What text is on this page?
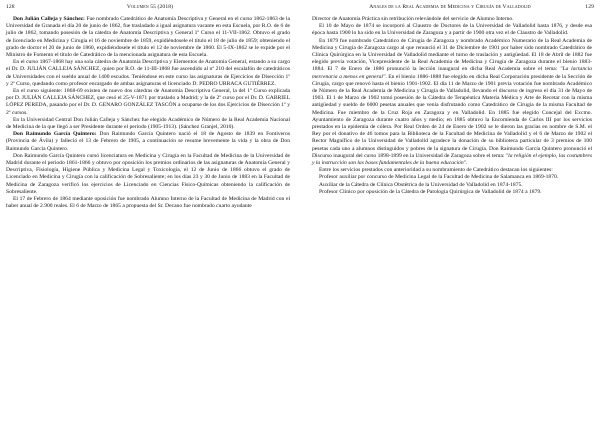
128	Volumen 55 (2018)

Don Julián Calleja y Sánchez: Fue nombrado Catedrático de Anatomía Descriptiva y General en el curso 1862-1863 de la Universidad de Granada el día 20 de junio de 1862, fue trasladado a igual asignatura vacante en esta Escuela, por R.O. de 6 de julio de 1862, tomando posesión de la cátedra de Anatomía Descriptiva y General 1º Curso el 11-VII-1862. Obtuvo el grado de licenciado en Medicina y Cirugía el 16 de noviembre de 1859, expidiéndosele el título el 18 de julio de 1859; obteniendo el grado de doctor el 20 de junio de 1860, expidiéndosele el título el 12 de noviembre de 1860. El 5-IX-1862 se le expide por el Ministro de Fomento el título de Catedrático de la mencionada asignatura de esta Escuela.

En el curso 1867-1868 hay una sola cátedra de Anatomía Descriptiva y Elementos de Anatomía General, estando a su cargo el Dr. D. JULIÁN CALLEJA SÁNCHEZ, quien por R.O. de 11-III-1868 fue ascendido al nº 210 del escalafón de catedráticos de Universidades con el sueldo anual de 1400 escudos. Teniéndose en este curso las asignaturas de Ejercicios de Disección 1º y 2º Curso, quedando como profesor encargado de ambas asignaturas el licenciado D. PEDRO URRACA GUTIÉRREZ.

En el curso siguiente: 1868-69 existen de nuevo dos cátedras de Anatomía Descriptiva General, la del 1º Curso explicada por D. JULIÁN CALLEJA SÁNCHEZ, que cesó el 25-V-1871 por traslado a Madrid; y la de 2º curso por el Dr. D. GABRIEL LÓPEZ PEREDA, pasando por el Dr. D. GENARO GONZÁLEZ TASCÓN a ocuparse de los dos Ejercicios de Disección 1º y 2º cursos.

En la Universidad Central Don Julián Calleja y Sánchez fue elegido Académico de Número de la Real Academia Nacional de Medicina de la que llegó a ser Presidente durante el periodo (1905-1913). (Sánchez Granjel, 2010).

Don Raimundo García Quintero: Don Raimundo García Quintero nació el 18 de Agosto de 1839 en Fontiveros (Provincia de Ávila) y falleció el 13 de Febrero de 1905, a continuación se resume brevemente la vida y la obra de Don Raimundo García Quintero.

Don Raimundo García Quintero cursó licenciatura en Medicina y Cirugía en la Facultad de Medicina de la Universidad de Madrid durante el periodo 1861-1866 y obtuvo por oposición los premios ordinarios de las asignaturas de Anatomía General y Descriptiva, Fisiología, Higiene Pública y Medicina Legal y Toxicología, el 12 de Junio de 1866 obtuvo el grado de Licenciado en Medicina y Cirugía con la calificación de Sobresaliente; en los días 23 y 30 de Junio de 1883 en la Facultad de Medicina de Zaragoza verificó los ejercicios de Licenciado en Ciencias Físico-Químicas obteniendo la calificación de Sobresaliente.

El 17 de Febrero de 1864 mediante oposición fue nombrado Alumno Interno de la Facultad de Medicina de Madrid con el haber anual de 2.900 reales. El 6 de Marzo de 1865 a propuesta del Sr. Decano fue nombrado cuarto ayudante

Anales de la Real Academia de Medicina y Cirugía de Valladolid	129

Director de Anatomía Práctica sin retribución relevándole del servicio de Alumno Interno.

El 10 de Mayo de 1874 se incorporó al Claustro de Doctores de la Universidad de Valladolid hasta 1876, y desde esa época hasta 1900 lo ha sido en la Universidad de Zaragoza y a partir de 1900 otra vez el de Claustro de Valladolid.

En 1879 fue nombrado Catedrático de Cirugía de Zaragoza y nombrado Académico Numerario de la Real Academia de Medicina y Cirugía de Zaragoza cargo al que renunció el 31 de Diciembre de 1901 por haber sido nombrado Catedrático de Clínica Quirúrgica en la Universidad de Valladolid mediante el turno de traslación y antigüedad. El 18 de Abril de 1882 fue elegido previa votación, Vicepresidente de la Real Academia de Medicina y Cirugía de Zaragoza durante el bienio 1883-1884. El 7 de Enero de 1886 pronunció la lección inaugural en dicha Real Academia sobre el tema: "La lactancia mercenaria a menos en general". En el bienio 1886-1888 fue elegido en dicha Real Corporación presidente de la Sección de Cirugía, cargo que renovó hasta el bienio 1901-1902. El día 11 de Marzo de 1901 previa votación fue nombrado Académico de Número de la Real Academia de Medicina y Cirugía de Valladolid, llevando el discurso de ingreso el día 31 de Mayo de 1903. El 1 de Marzo de 1902 tomó posesión de la Cátedra de Terapéutica Materia Médica y Arte de Recetar con la misma antigüedad y sueldo de 6000 pesetas anuales que venía disfrutando como Catedrático de Cirugía de la misma Facultad de Medicina. Fue miembro de la Cruz Roja en Zaragoza y en Valladolid. En 1885 fue elegido Concejal del Excmo. Ayuntamiento de Zaragoza durante cuatro años y medio; en 1885 obtuvo la Encomienda de Carlos III por los servicios prestados en la epidemia de cólera. Por Real Orden de 24 de Enero de 1902 se le dieron las gracias en nombre de S.M. el Rey por el donativo de 46 tomos para la Biblioteca de la Facultad de Medicina de Valladolid y el 6 de Marzo de 1902 el Rector Magnífico de la Universidad de Valladolid agradece la donación de su biblioteca particular de 3 premios de 100 pesetas cada uno a alumnos distinguidos y pobres de la signatura de Cirugía. Don Raimundo García Quintero pronunció el Discurso inaugural del curso 1898-1899 en la Universidad de Zaragoza sobre el tema: "la religión el ejemplo, las costumbres y la instrucción son las bases fundamentales de la buena educación".

Entre los servicios prestados con anterioridad a su nombramiento de Catedrático destacan los siguientes:

Profesor auxiliar por concurso de Medicina Legal de la Facultad de Medicina de Salamanca en 1869-1870.

Auxiliar de la Cátedra de Clínica Obstétrica de la Universidad de Valladolid en 1874-1875.

Profesor Clínico por oposición de la Cátedra de Patología Quirúrgica de Valladolid de 1874 a 1879.
